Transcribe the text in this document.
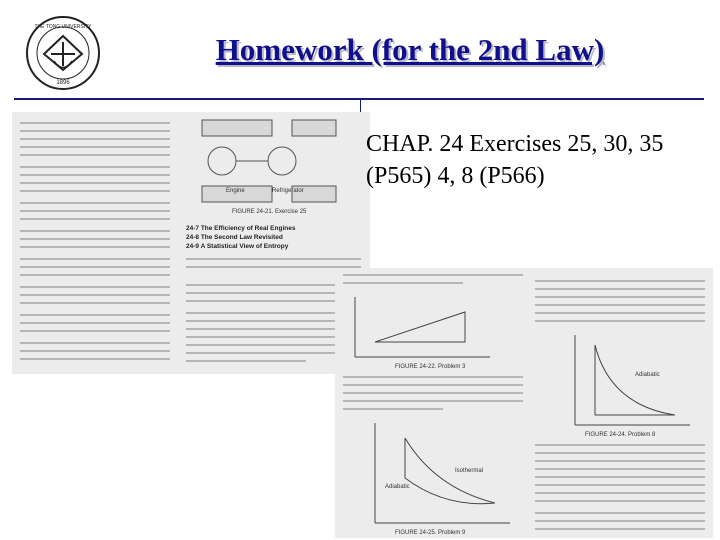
1896
THE TONG UNIVERSITY
Homework (for the 2nd Law)
Engine	Refrigerator
FIGURE 24-21. Exercise 25
24-7 The Efficiency of Real Engines
24-8 The Second Law Revisited
24-9 A Statistical View of Entropy
FIGURE 24-22. Problem 3
Isothermal
Adiabatic
FIGURE 24-25. Problem 9
Adiabatic
FIGURE 24-24. Problem 8
CHAP. 24 Exercises 25, 30, 35 (P565) 4, 8 (P566)
